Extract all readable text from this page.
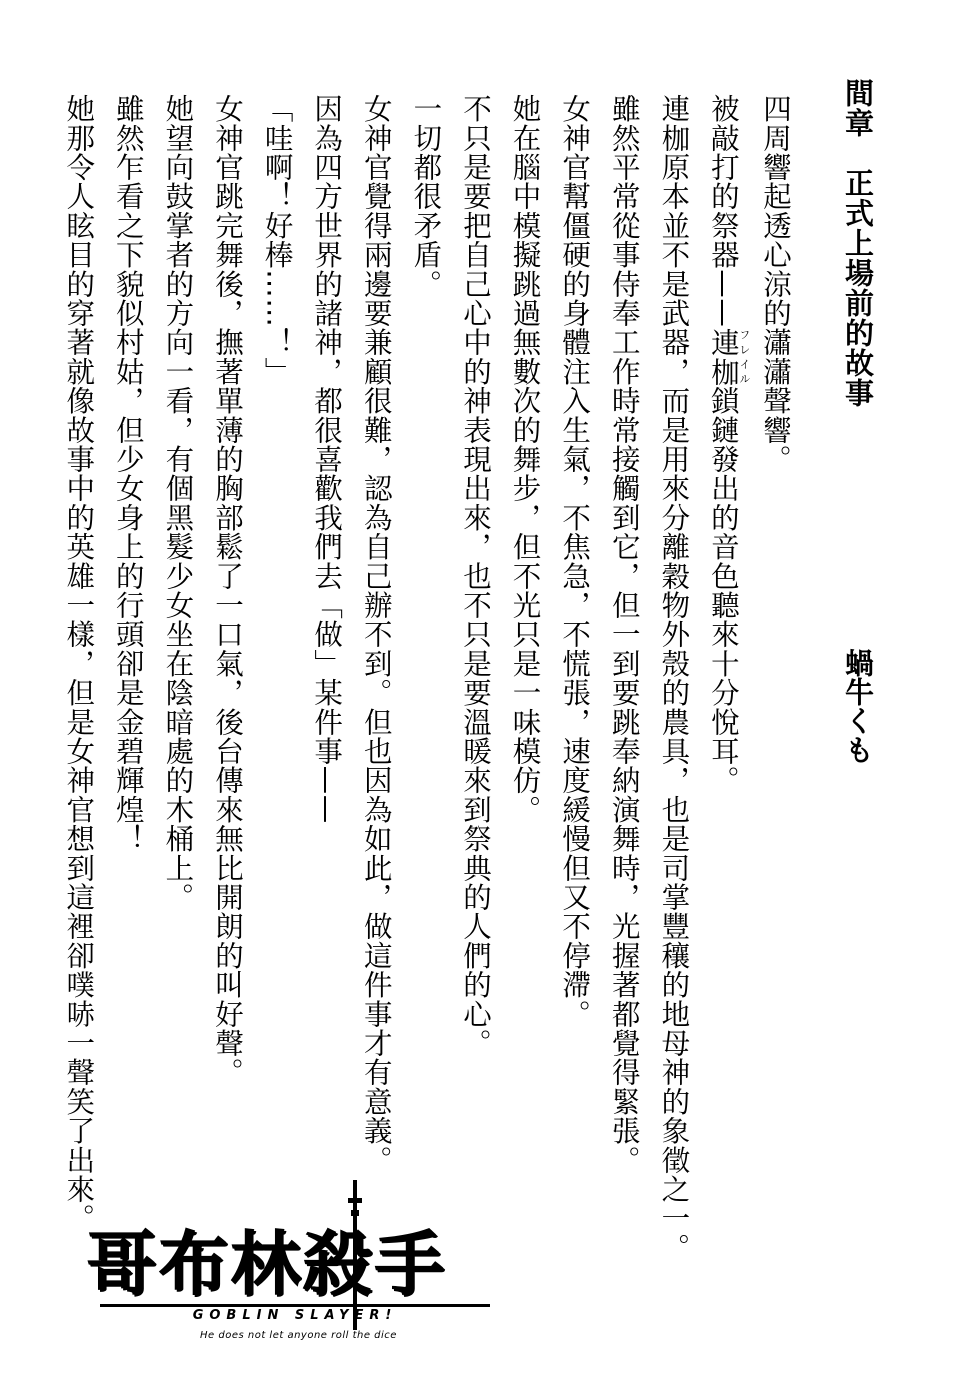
間章　正式上場前的故事
蝸牛くも

四周響起透心涼的瀟瀟聲響。

被敲打的祭器——連枷フレイル鎖鏈發出的音色聽來十分悅耳。

連枷原本並不是武器，而是用來分離穀物外殼的農具，也是司掌豐穰的地母神的象徵之一。

雖然平常從事侍奉工作時常接觸到它，但一到要跳奉納演舞時，光握著都覺得緊張。

女神官幫僵硬的身體注入生氣，不焦急，不慌張，速度緩慢但又不停滯。

她在腦中模擬跳過無數次的舞步，但不光只是一味模仿。

不只是要把自己心中的神表現出來，也不只是要溫暖來到祭典的人們的心。

一切都很矛盾。

女神官覺得兩邊要兼顧很難，認為自己辦不到。但也因為如此，做這件事才有意義。

因為四方世界的諸神，都很喜歡我們去「做」某件事——

「哇啊！好棒……！」

女神官跳完舞後，撫著單薄的胸部鬆了一口氣，後台傳來無比開朗的叫好聲。

她望向鼓掌者的方向一看，有個黑髮少女坐在陰暗處的木桶上。

雖然乍看之下貌似村姑，但少女身上的行頭卻是金碧輝煌！

她那令人眩目的穿著就像故事中的英雄一樣，但是女神官想到這裡卻噗哧一聲笑了出來。

哥布林殺手
GOBLIN SLAYER!
He does not let anyone roll the dice
